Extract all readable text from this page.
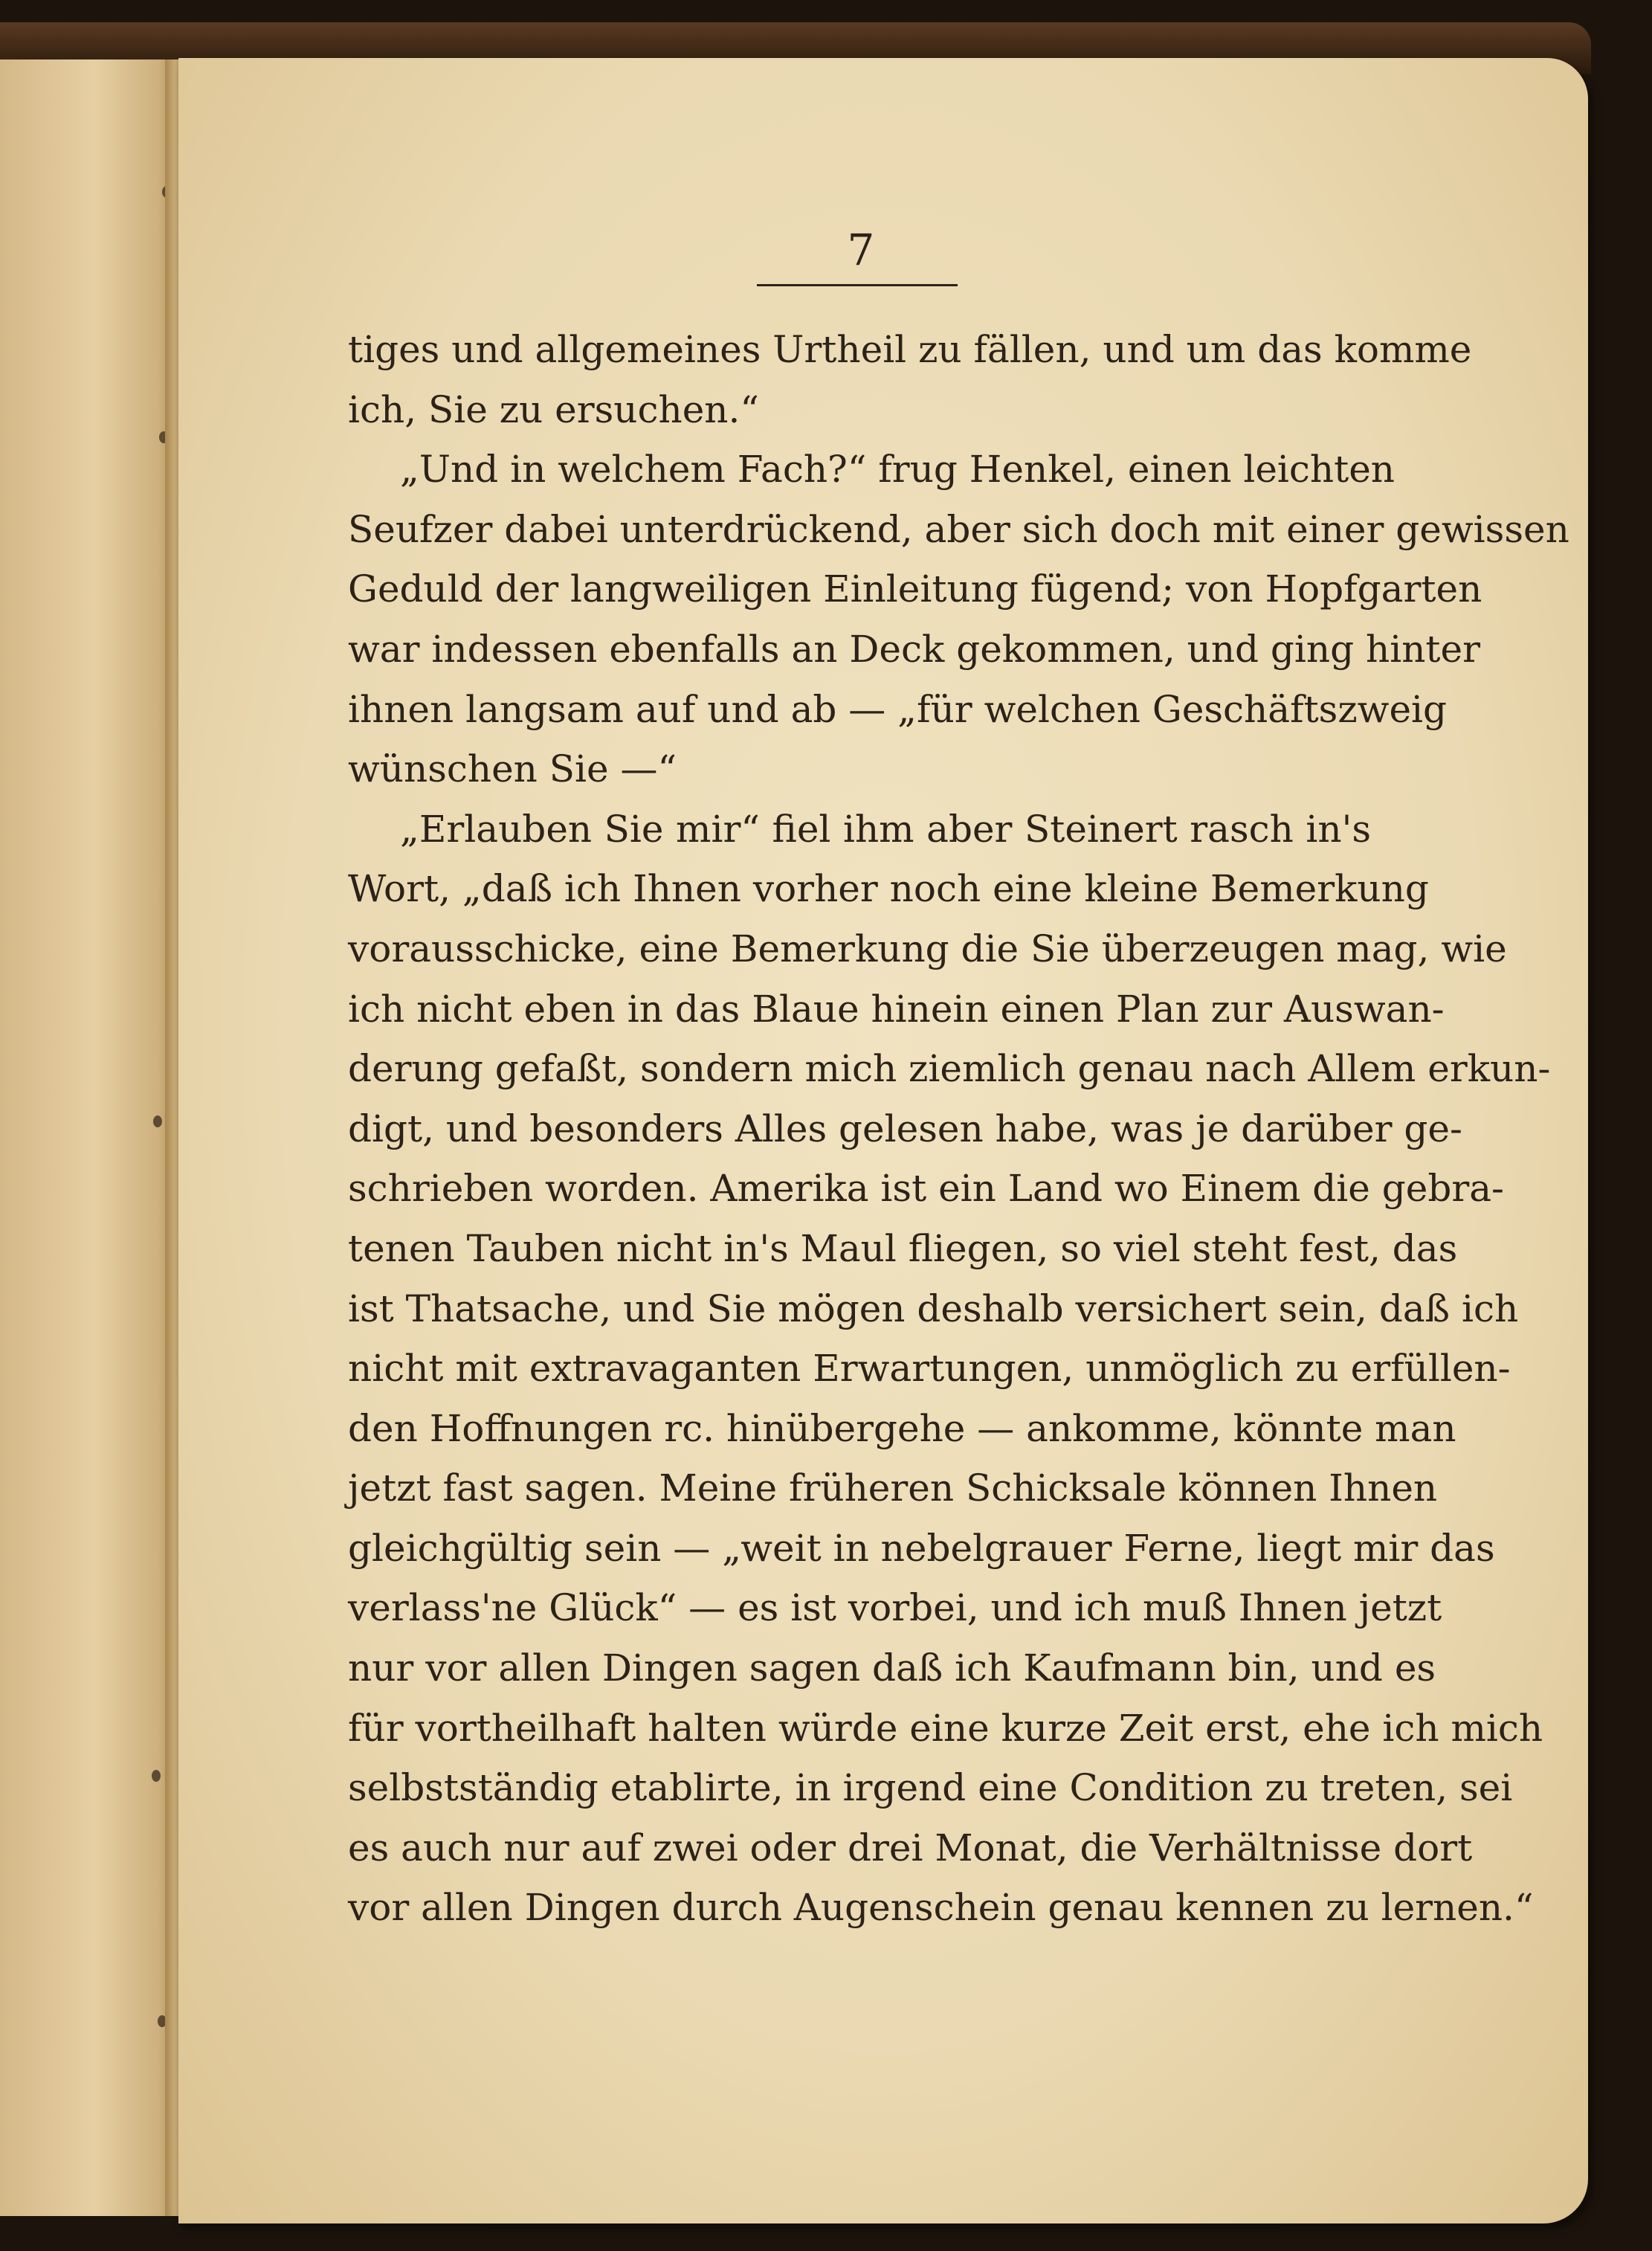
7
tiges und allgemeines Urtheil zu fällen, und um das komme
ich, Sie zu ersuchen.“
„Und in welchem Fach?“ frug Henkel, einen leichten
Seufzer dabei unterdrückend, aber sich doch mit einer gewissen
Geduld der langweiligen Einleitung fügend; von Hopfgarten
war indessen ebenfalls an Deck gekommen, und ging hinter
ihnen langsam auf und ab — „für welchen Geschäftszweig
wünschen Sie —“
„Erlauben Sie mir“ fiel ihm aber Steinert rasch in's
Wort, „daß ich Ihnen vorher noch eine kleine Bemerkung
vorausschicke, eine Bemerkung die Sie überzeugen mag, wie
ich nicht eben in das Blaue hinein einen Plan zur Auswan-
derung gefaßt, sondern mich ziemlich genau nach Allem erkun-
digt, und besonders Alles gelesen habe, was je darüber ge-
schrieben worden. Amerika ist ein Land wo Einem die gebra-
tenen Tauben nicht in's Maul fliegen, so viel steht fest, das
ist Thatsache, und Sie mögen deshalb versichert sein, daß ich
nicht mit extravaganten Erwartungen, unmöglich zu erfüllen-
den Hoffnungen rc. hinübergehe — ankomme, könnte man
jetzt fast sagen. Meine früheren Schicksale können Ihnen
gleichgültig sein — „weit in nebelgrauer Ferne, liegt mir das
verlass'ne Glück“ — es ist vorbei, und ich muß Ihnen jetzt
nur vor allen Dingen sagen daß ich Kaufmann bin, und es
für vortheilhaft halten würde eine kurze Zeit erst, ehe ich mich
selbstständig etablirte, in irgend eine Condition zu treten, sei
es auch nur auf zwei oder drei Monat, die Verhältnisse dort
vor allen Dingen durch Augenschein genau kennen zu lernen.“
